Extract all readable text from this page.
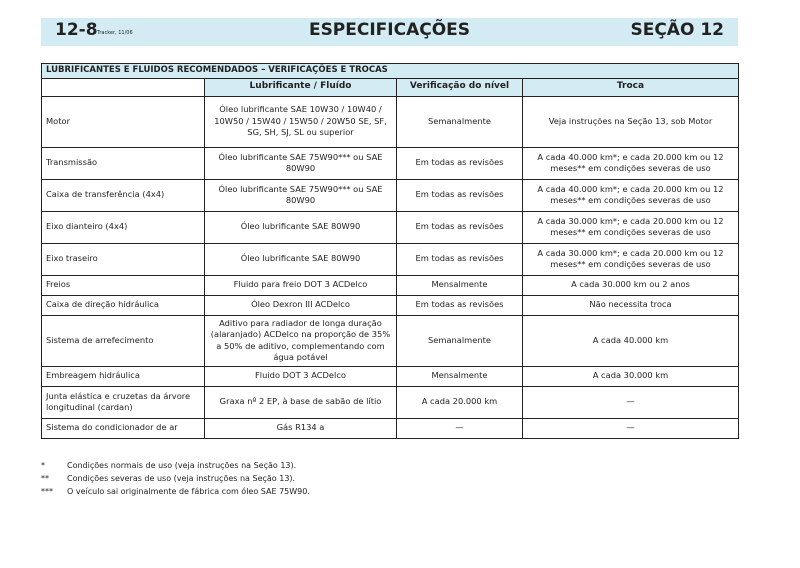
ESPECIFICAÇÕES
12-8 Tracker, 11/06	SEÇÃO 12
LUBRIFICANTES E FLUIDOS RECOMENDADOS – VERIFICAÇÕES E TROCAS			
	Lubrificante / Fluído	Verificação do nível	Troca
Motor	Óleo lubrificante SAE 10W30 / 10W40 / 10W50 / 15W40 / 15W50 / 20W50 SE, SF, SG, SH, SJ, SL ou superior	Semanalmente	Veja instruções na Seção 13, sob Motor
Transmissão	Óleo lubrificante SAE 75W90*** ou SAE 80W90	Em todas as revisões	A cada 40.000 km*; e cada 20.000 km ou 12 meses** em condições severas de uso
Caixa de transferência (4x4)	Óleo lubrificante SAE 75W90*** ou SAE 80W90	Em todas as revisões	A cada 40.000 km*; e cada 20.000 km ou 12 meses** em condições severas de uso
Eixo dianteiro (4x4)	Óleo lubrificante SAE 80W90	Em todas as revisões	A cada 30.000 km*; e cada 20.000 km ou 12 meses** em condições severas de uso
Eixo traseiro	Óleo lubrificante SAE 80W90	Em todas as revisões	A cada 30.000 km*; e cada 20.000 km ou 12 meses** em condições severas de uso
Freios	Fluido para freio DOT 3 ACDelco	Mensalmente	A cada 30.000 km ou 2 anos
Caixa de direção hidráulica	Óleo Dexron III ACDelco	Em todas as revisões	Não necessita troca
Sistema de arrefecimento	Aditivo para radiador de longa duração (alaranjado) ACDelco na proporção de 35% a 50% de aditivo, complementando com água potável	Semanalmente	A cada 40.000 km
Embreagem hidráulica	Fluido DOT 3 ACDelco	Mensalmente	A cada 30.000 km
Junta elástica e cruzetas da árvore longitudinal (cardan)	Graxa nº 2 EP, à base de sabão de lítio	A cada 20.000 km	—
Sistema do condicionador de ar	Gás R134 a	—	—
*	Condições normais de uso (veja instruções na Seção 13).
** Condições severas de uso (veja instruções na Seção 13).
*** O veículo sai originalmente de fábrica com óleo SAE 75W90.
